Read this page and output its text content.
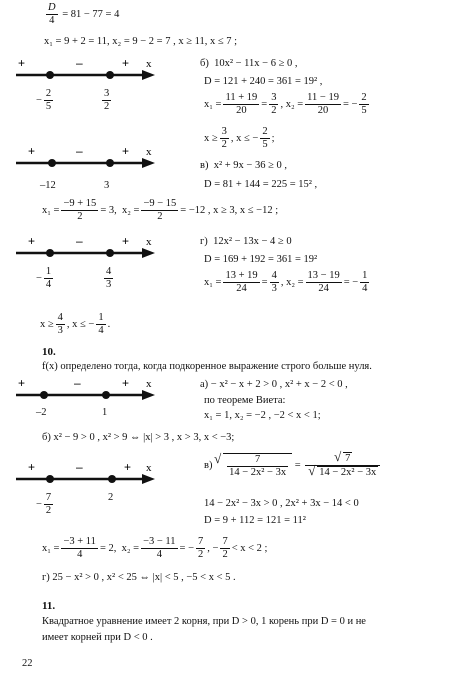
$\frac{D}{4} = 81 - 77 = 4$
x₁ = 9 + 2 = 11, x₂ = 9 − 2 = 7 , x ≥ 11, x ≤ 7 ;
+	–	+ x
− $\frac{2}{5}$	$\frac{3}{2}$
б) 10x² − 11x − 6 ≥ 0 ,
D = 121 + 240 = 361 = 19² ,
$x_1 = \frac{11 + 19}{20} = \frac{3}{2}$ , $x_2 = \frac{11 - 19}{20}$ = − $\frac{2}{5}$
$x \ge \frac{3}{2}$ , x ≤ − $\frac{2}{5}$ ;
+	–	+ x
–12	3
в) x² + 9x − 36 ≥ 0 ,
D = 81 + 144 = 225 = 15² ,
$x_1 = \frac{-9 + 15}{2} = 3$, $x_2 = \frac{-9 - 15}{2} = -12$ , x ≥ 3, x ≤ −12 ;
+	–	+ x
− $\frac{1}{4}$	$\frac{4}{3}$
г) 12x² − 13x − 4 ≥ 0
D = 169 + 192 = 361 = 19²
$x_1 = \frac{13 + 19}{24} = \frac{4}{3}$ , $x_2 = \frac{13 - 19}{24}$ = − $\frac{1}{4}$
$x \ge \frac{4}{3}$ , x ≤ − $\frac{1}{4}$ .
10.
f(x) определено тогда, когда подкоренное выражение строго больше нуля.
+	–	+ x
–2	1
а) − x² − x + 2 > 0 , x² + x − 2 < 0 ,
по теореме Виета:
x₁ = 1, x₂ = −2 , −2 < x < 1;
б) x² − 9 > 0 , x² > 9 ⇔ |x| > 3 , x > 3, x < −3;
+	–	+ x
− $\frac{7}{2}$	2
в) √ $\frac{7}{\text{14 − 2x² − 3x}}$ = √ 7
√ 14 − 2x² − 3x
14 − 2x² − 3x > 0 , 2x² + 3x − 14 < 0
D = 9 + 112 = 121 = 11²
$x_1 = \frac{-3 + 11}{4} = 2$, $x_2 = \frac{-3 - 11}{4}$ = − $\frac{7}{2}$ , − $\frac{7}{2} < x < 2$ ;
г) 25 − x² > 0 , x² < 25 ⇔ |x| < 5 , −5 < x < 5 .
11.
Квадратное уравнение имеет 2 корня, при D > 0, 1 корень при D = 0 и не
имеет корней при D < 0 .
22
